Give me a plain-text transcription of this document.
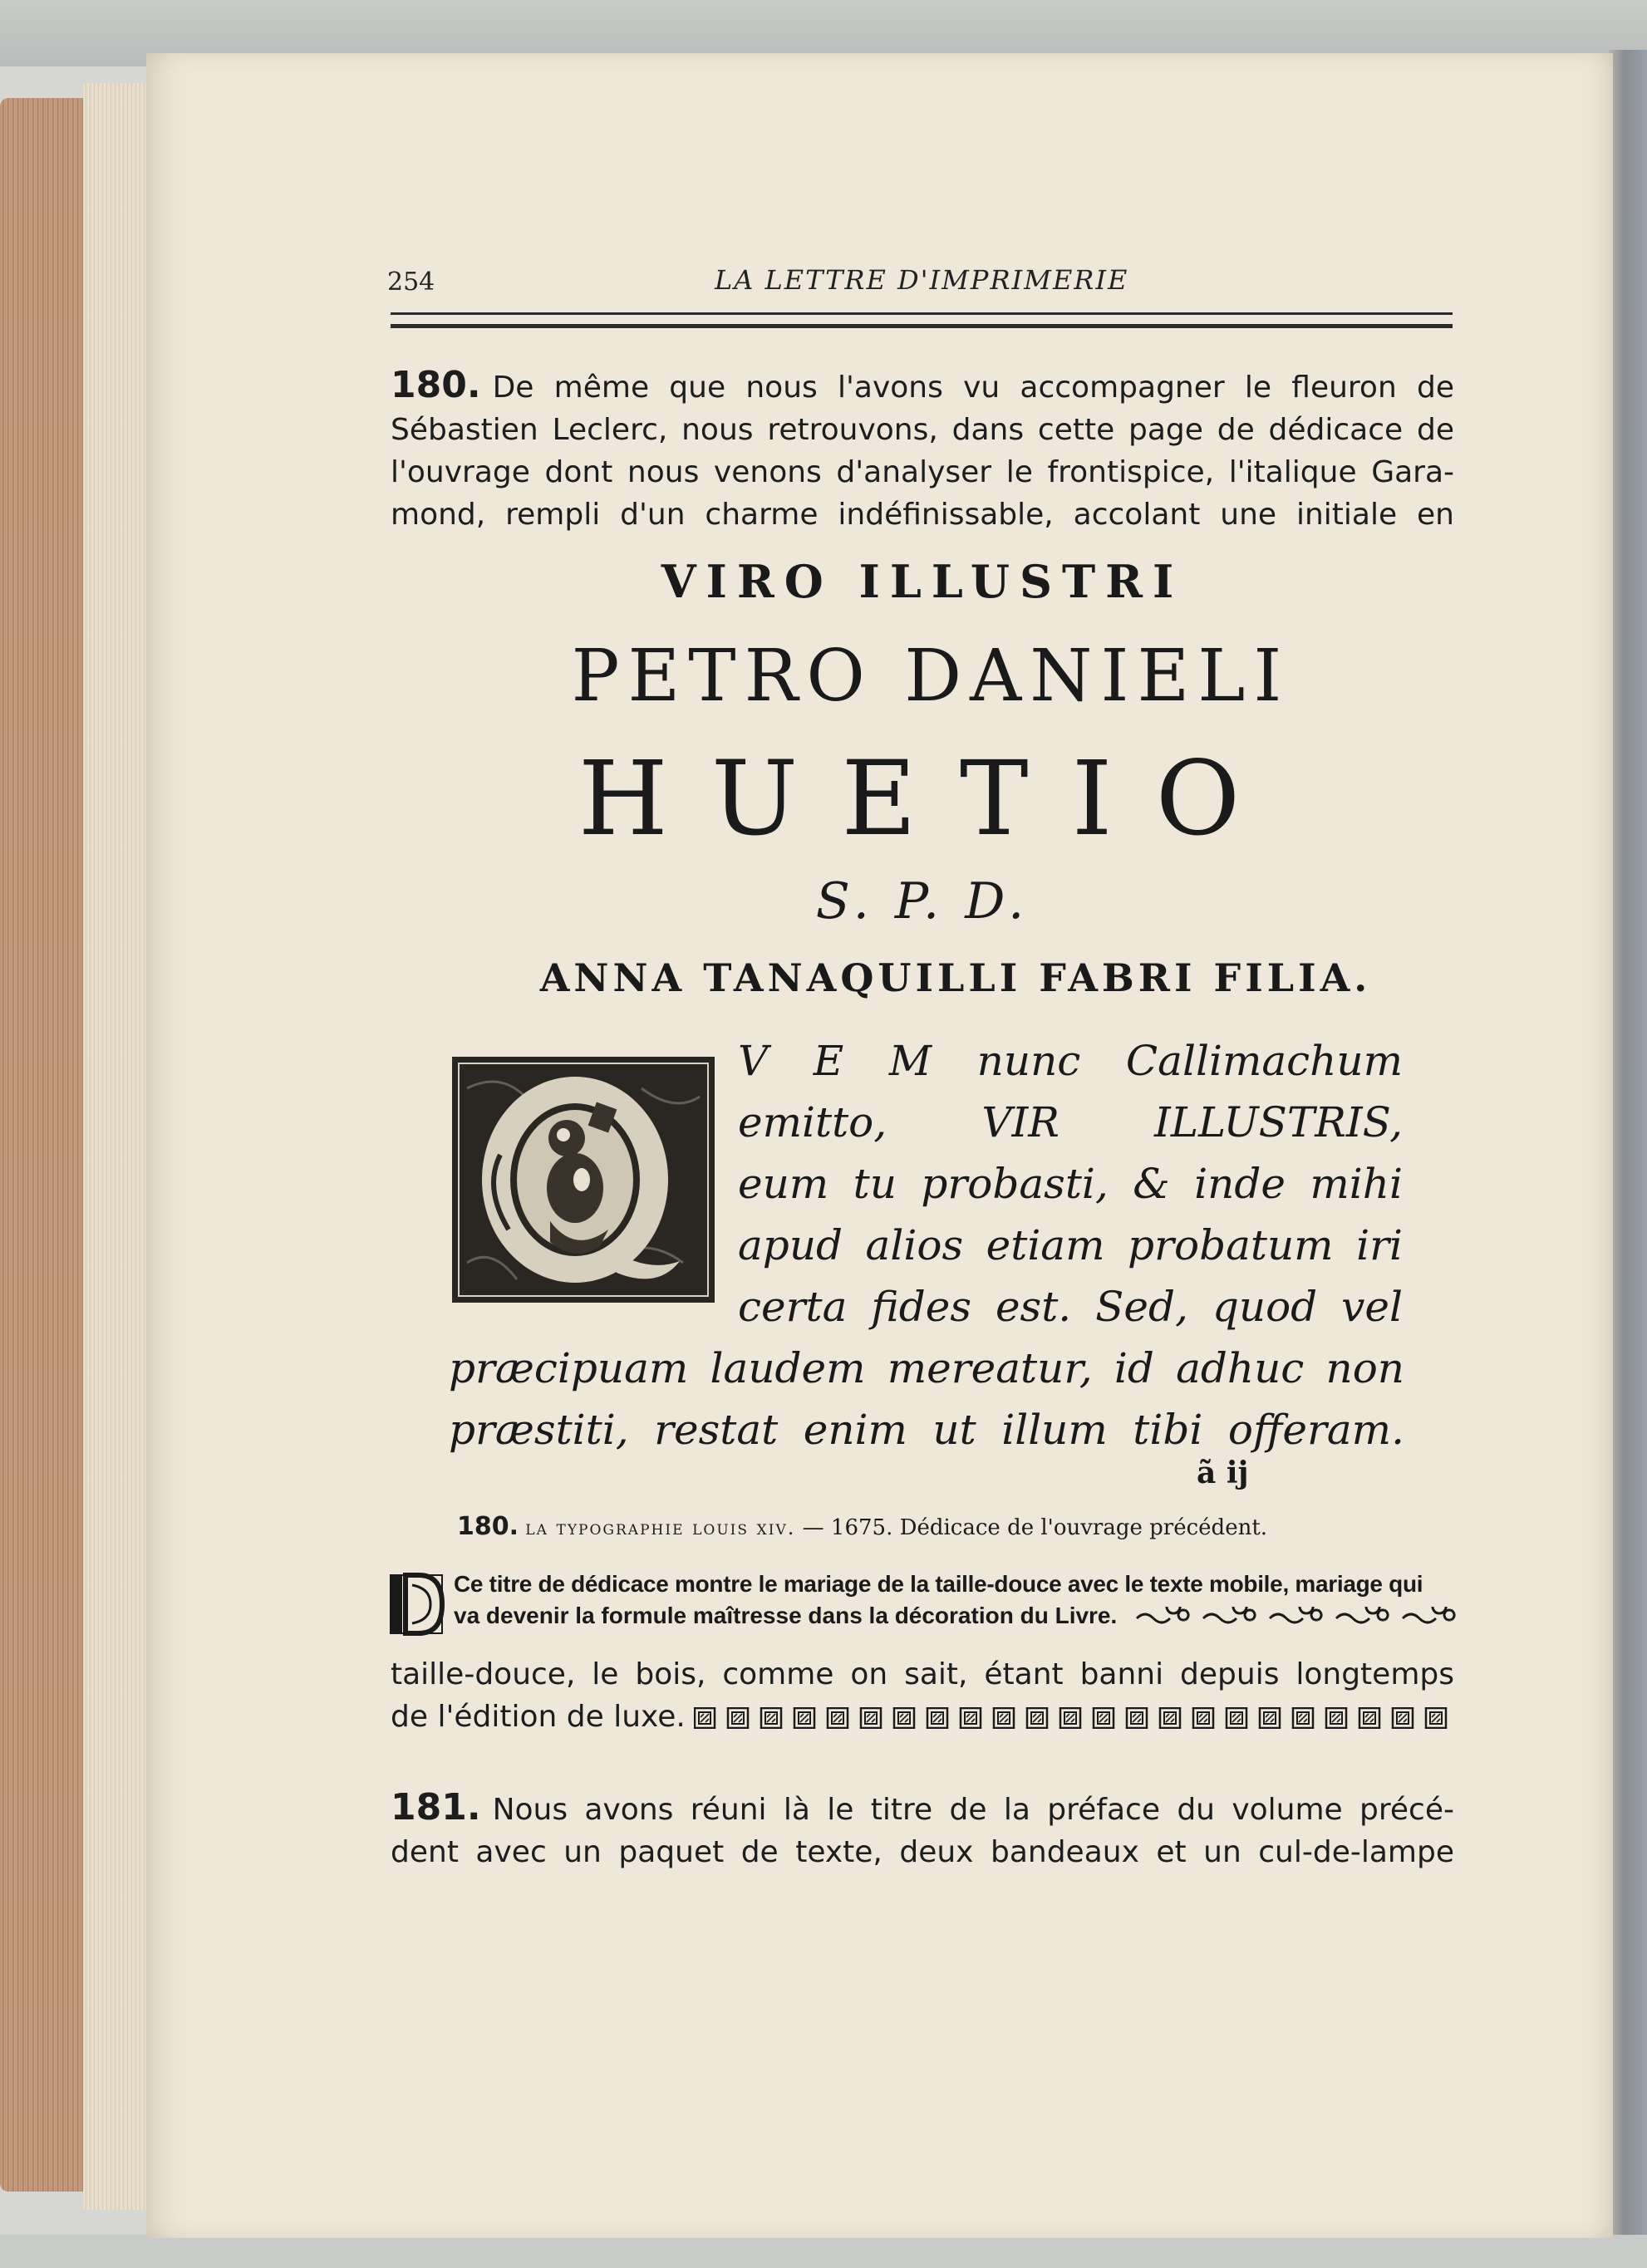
254	LA LETTRE D'IMPRIMERIE
180. De même que nous l'avons vu accompagner le fleuron de
Sébastien Leclerc, nous retrouvons, dans cette page de dédicace de
l'ouvrage dont nous venons d'analyser le frontispice, l'italique Gara-
mond, rempli d'un charme indéfinissable, accolant une initiale en
VIRO ILLUSTRI
PETRO DANIELI
HUETIO
S. P. D.
ANNA TANAQUILLI FABRI FILIA.
V E M nunc Callimachum
emitto, VIR ILLUSTRIS,
eum tu probasti, & inde mihi
apud alios etiam probatum iri
certa fides est. Sed, quod vel
præcipuam laudem mereatur, id adhuc non
præstiti, restat enim ut illum tibi offeram.
ã ij
180. la typographie louis xiv. — 1675. Dédicace de l'ouvrage précédent.
Ce titre de dédicace montre le mariage de la taille-douce avec le texte mobile, mariage qui
va devenir la formule maîtresse dans la décoration du Livre.
taille-douce, le bois, comme on sait, étant banni depuis longtemps
de l'édition de luxe.
181. Nous avons réuni là le titre de la préface du volume précé-
dent avec un paquet de texte, deux bandeaux et un cul-de-lampe
